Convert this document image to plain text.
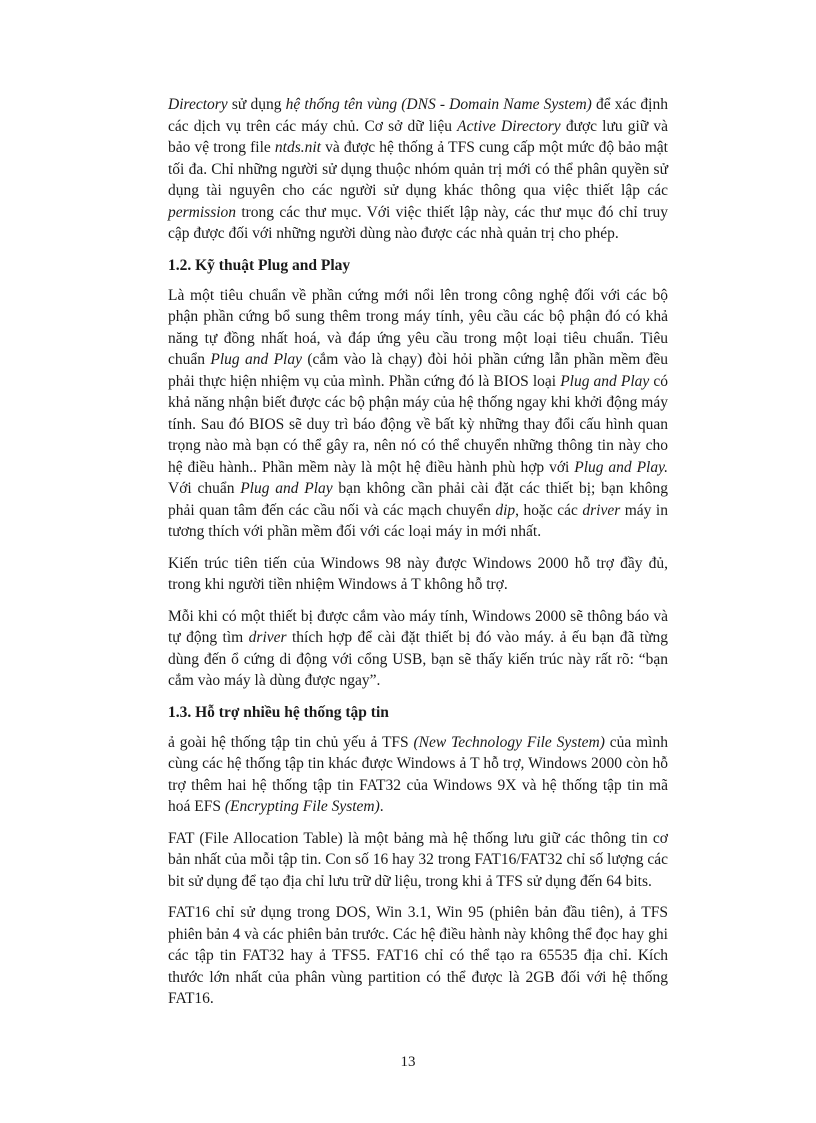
Directory sử dụng hệ thống tên vùng (DNS - Domain Name System) để xác định các dịch vụ trên các máy chủ. Cơ sở dữ liệu Active Directory được lưu giữ và bảo vệ trong file ntds.nit và được hệ thống ả TFS cung cấp một mức độ bảo mật tối đa. Chỉ những người sử dụng thuộc nhóm quản trị mới có thể phân quyền sử dụng tài nguyên cho các người sử dụng khác thông qua việc thiết lập các permission trong các thư mục. Với việc thiết lập này, các thư mục đó chỉ truy cập được đối với những người dùng nào được các nhà quản trị cho phép.

1.2. Kỹ thuật Plug and Play

Là một tiêu chuẩn về phần cứng mới nổi lên trong công nghệ đối với các bộ phận phần cứng bổ sung thêm trong máy tính, yêu cầu các bộ phận đó có khả năng tự đồng nhất hoá, và đáp ứng yêu cầu trong một loại tiêu chuẩn. Tiêu chuẩn Plug and Play (cắm vào là chạy) đòi hỏi phần cứng lẫn phần mềm đều phải thực hiện nhiệm vụ của mình. Phần cứng đó là BIOS loại Plug and Play có khả năng nhận biết được các bộ phận máy của hệ thống ngay khi khởi động máy tính. Sau đó BIOS sẽ duy trì báo động về bất kỳ những thay đổi cấu hình quan trọng nào mà bạn có thể gây ra, nên nó có thể chuyển những thông tin này cho hệ điều hành.. Phần mềm này là một hệ điều hành phù hợp với Plug and Play. Với chuẩn Plug and Play bạn không cần phải cài đặt các thiết bị; bạn không phải quan tâm đến các cầu nối và các mạch chuyển dip, hoặc các driver máy in tương thích với phần mềm đối với các loại máy in mới nhất.

Kiến trúc tiên tiến của Windows 98 này được Windows 2000 hỗ trợ đầy đủ, trong khi người tiền nhiệm Windows ả T không hỗ trợ.

Mỗi khi có một thiết bị được cắm vào máy tính, Windows 2000 sẽ thông báo và tự động tìm driver thích hợp để cài đặt thiết bị đó vào máy. ả ếu bạn đã từng dùng đến ổ cứng di động với cổng USB, bạn sẽ thấy kiến trúc này rất rõ: “bạn cắm vào máy là dùng được ngay”.

1.3. Hỗ trợ nhiều hệ thống tập tin

ả goài hệ thống tập tin chủ yếu ả TFS (New Technology File System) của mình cùng các hệ thống tập tin khác được Windows ả T hỗ trợ, Windows 2000 còn hỗ trợ thêm hai hệ thống tập tin FAT32 của Windows 9X và hệ thống tập tin mã hoá EFS (Encrypting File System).

FAT (File Allocation Table) là một bảng mà hệ thống lưu giữ các thông tin cơ bản nhất của mỗi tập tin. Con số 16 hay 32 trong FAT16/FAT32 chỉ số lượng các bit sử dụng để tạo địa chỉ lưu trữ dữ liệu, trong khi ả TFS sử dụng đến 64 bits.

FAT16 chỉ sử dụng trong DOS, Win 3.1, Win 95 (phiên bản đầu tiên), ả TFS phiên bản 4 và các phiên bản trước. Các hệ điều hành này không thể đọc hay ghi các tập tin FAT32 hay ả TFS5. FAT16 chỉ có thể tạo ra 65535 địa chỉ. Kích thước lớn nhất của phân vùng partition có thể được là 2GB đối với hệ thống FAT16.

13
